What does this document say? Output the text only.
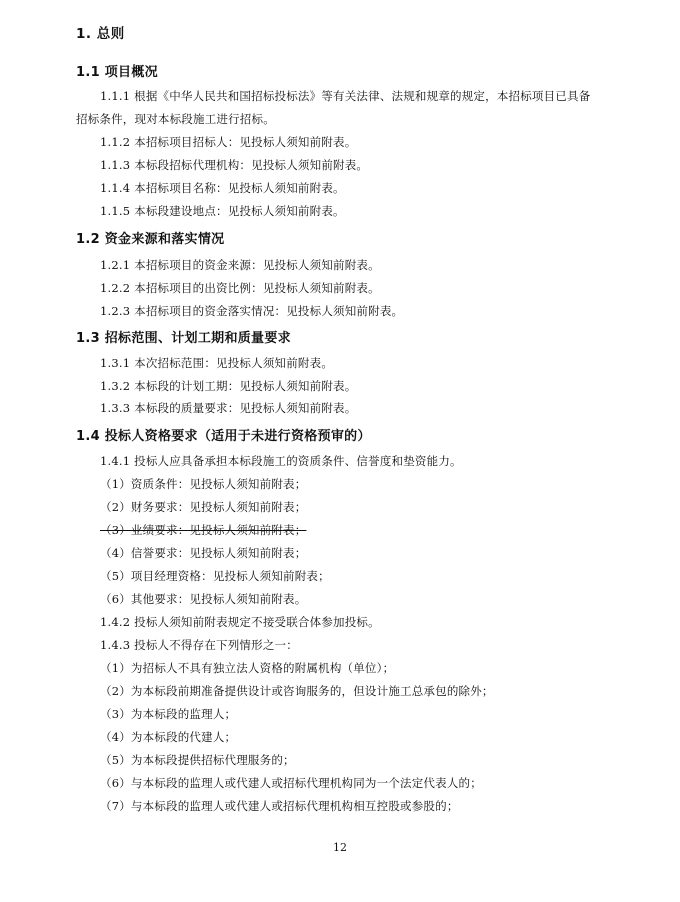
1. 总则
1.1 项目概况
1.1.1 根据《中华人民共和国招标投标法》等有关法律、法规和规章的规定，本招标项目已具备
招标条件，现对本标段施工进行招标。
1.1.2 本招标项目招标人：见投标人须知前附表。
1.1.3 本标段招标代理机构：见投标人须知前附表。
1.1.4 本招标项目名称：见投标人须知前附表。
1.1.5 本标段建设地点：见投标人须知前附表。
1.2 资金来源和落实情况
1.2.1 本招标项目的资金来源：见投标人须知前附表。
1.2.2 本招标项目的出资比例：见投标人须知前附表。
1.2.3 本招标项目的资金落实情况：见投标人须知前附表。
1.3 招标范围、计划工期和质量要求
1.3.1 本次招标范围：见投标人须知前附表。
1.3.2 本标段的计划工期：见投标人须知前附表。
1.3.3 本标段的质量要求：见投标人须知前附表。
1.4 投标人资格要求（适用于未进行资格预审的）
1.4.1 投标人应具备承担本标段施工的资质条件、信誉度和垫资能力。
（1）资质条件：见投标人须知前附表；
（2）财务要求：见投标人须知前附表；
（3）业绩要求：见投标人须知前附表；
（4）信誉要求：见投标人须知前附表；
（5）项目经理资格：见投标人须知前附表；
（6）其他要求：见投标人须知前附表。
1.4.2 投标人须知前附表规定不接受联合体参加投标。
1.4.3 投标人不得存在下列情形之一：
（1）为招标人不具有独立法人资格的附属机构（单位）；
（2）为本标段前期准备提供设计或咨询服务的，但设计施工总承包的除外；
（3）为本标段的监理人；
（4）为本标段的代建人；
（5）为本标段提供招标代理服务的；
（6）与本标段的监理人或代建人或招标代理机构同为一个法定代表人的；
（7）与本标段的监理人或代建人或招标代理机构相互控股或参股的；
12
